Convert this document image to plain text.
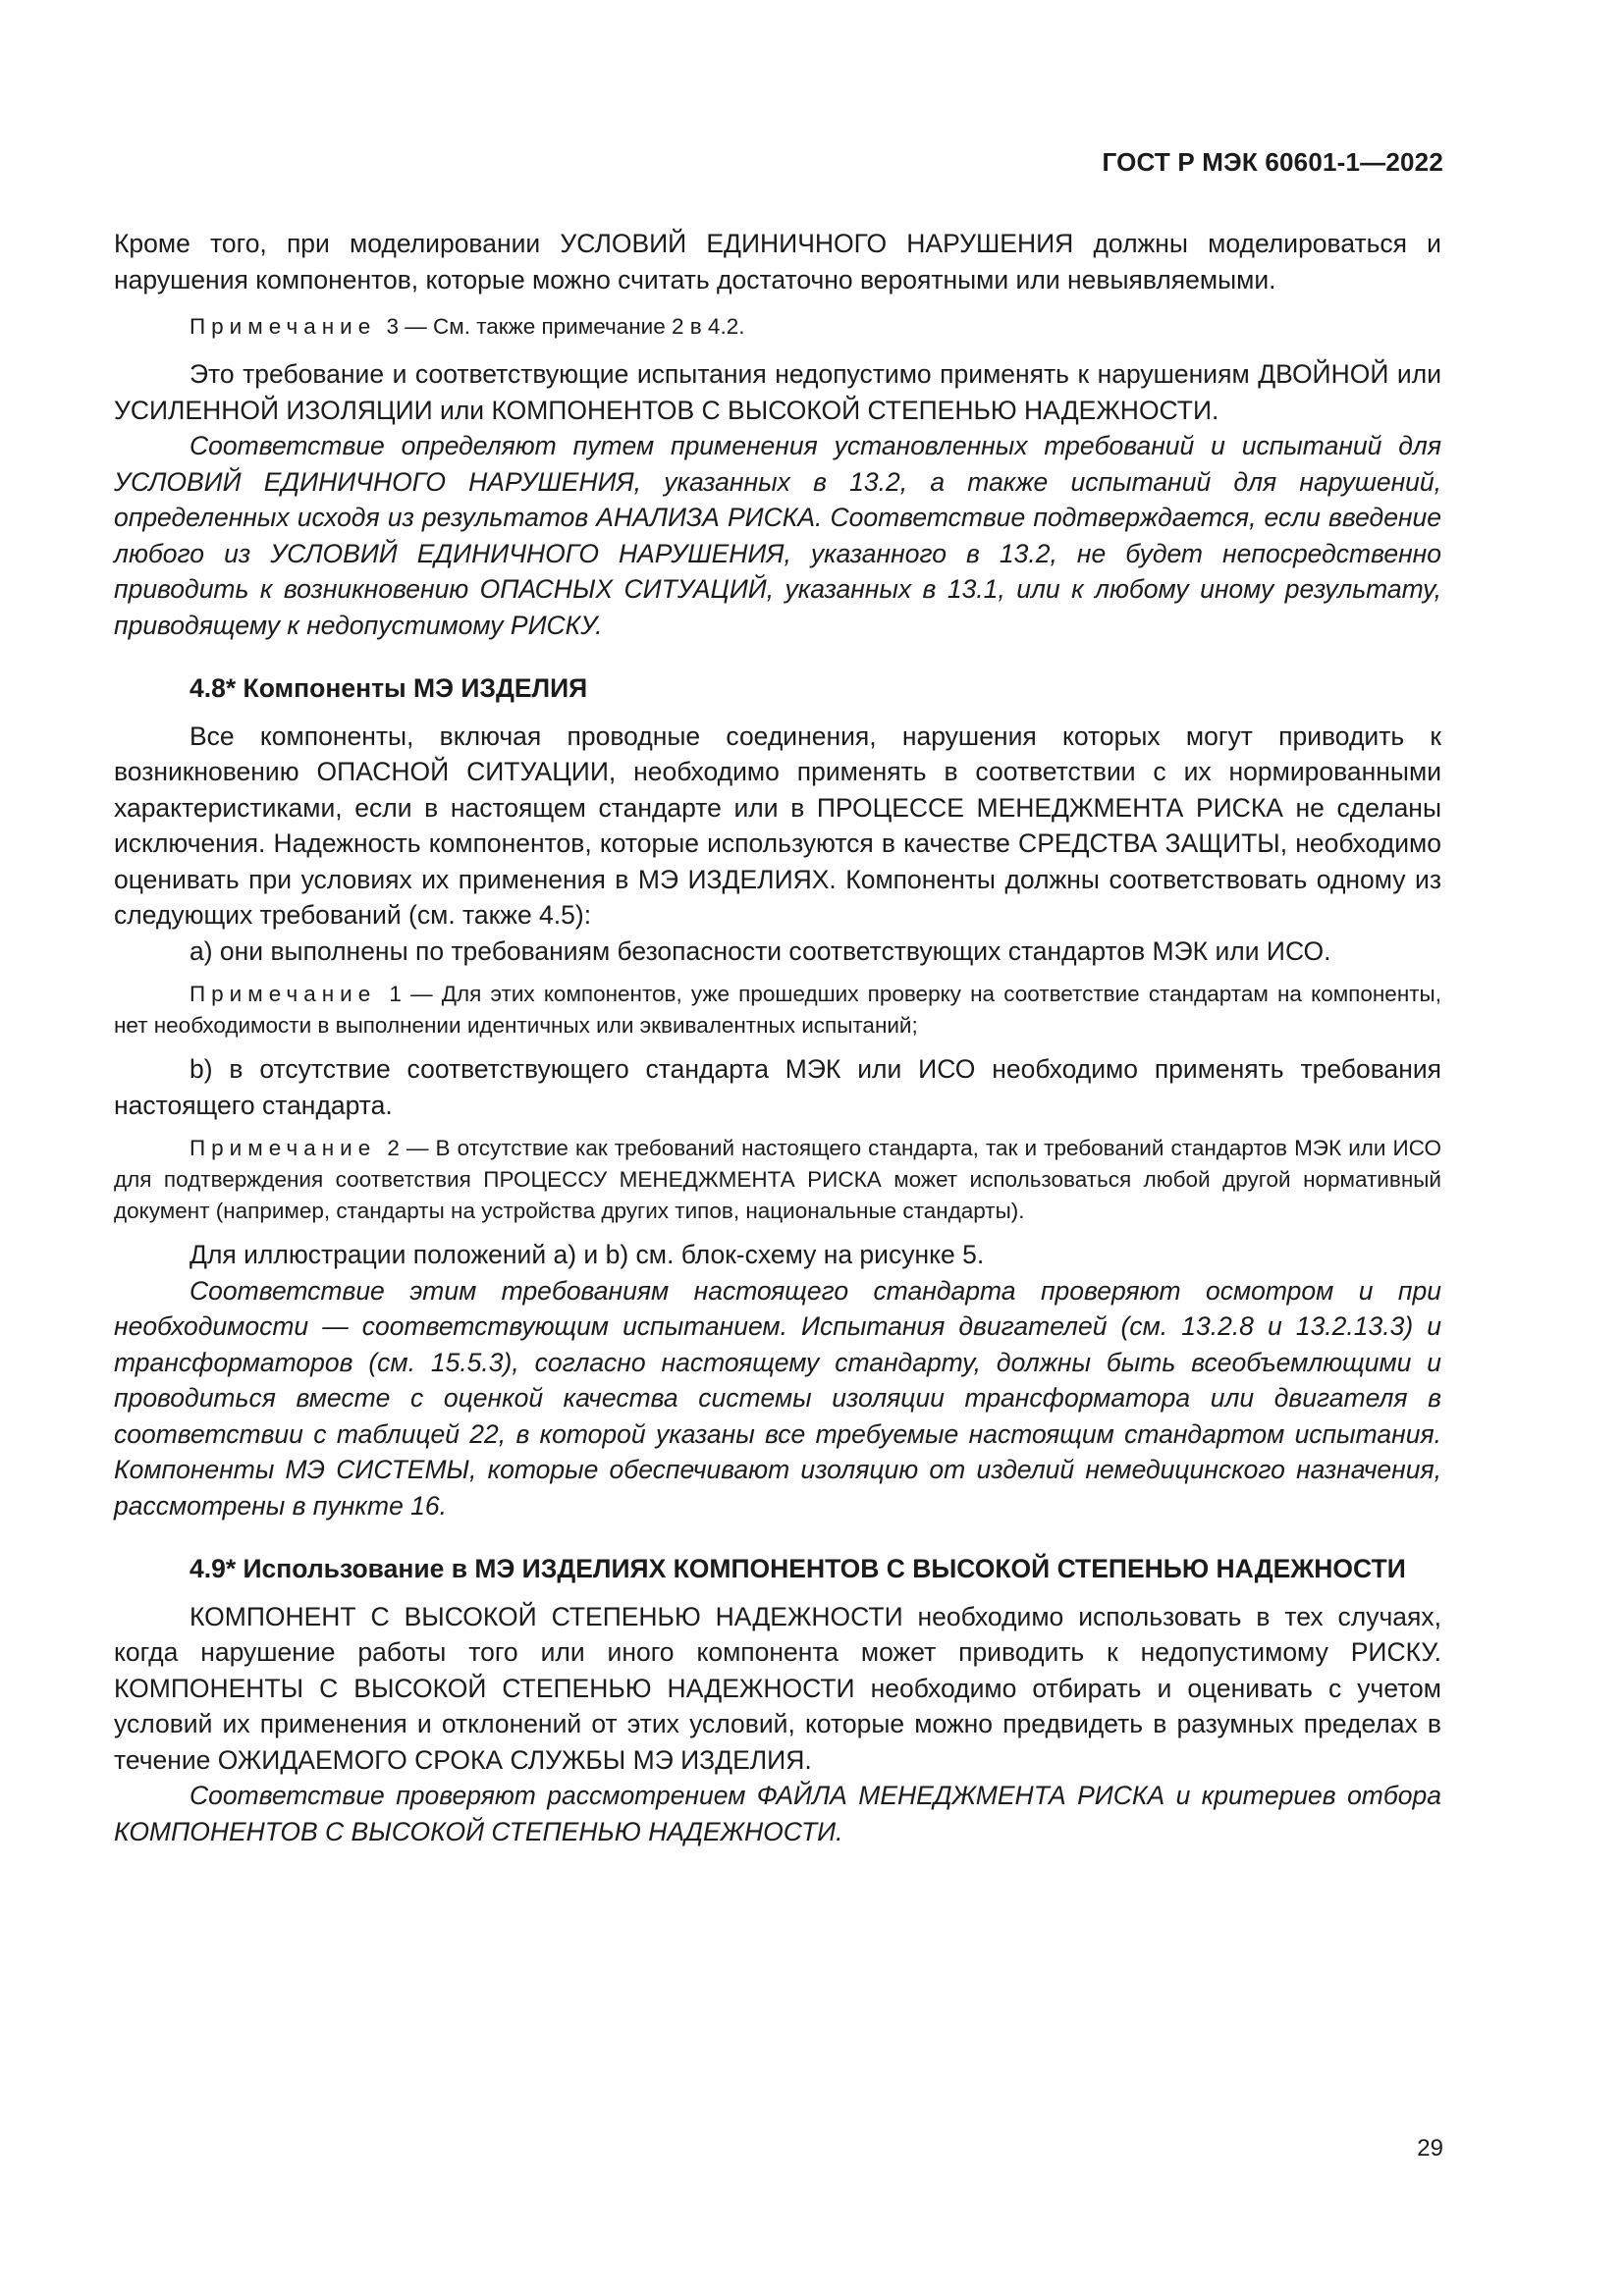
ГОСТ Р МЭК 60601-1—2022

Кроме того, при моделировании УСЛОВИЙ ЕДИНИЧНОГО НАРУШЕНИЯ должны моделироваться и нарушения компонентов, которые можно считать достаточно вероятными или невыявляемыми.

Примечание 3 — См. также примечание 2 в 4.2.

Это требование и соответствующие испытания недопустимо применять к нарушениям ДВОЙНОЙ или УСИЛЕННОЙ ИЗОЛЯЦИИ или КОМПОНЕНТОВ С ВЫСОКОЙ СТЕПЕНЬЮ НАДЕЖНОСТИ.

Соответствие определяют путем применения установленных требований и испытаний для УСЛОВИЙ ЕДИНИЧНОГО НАРУШЕНИЯ, указанных в 13.2, а также испытаний для нарушений, определенных исходя из результатов АНАЛИЗА РИСКА. Соответствие подтверждается, если введение любого из УСЛОВИЙ ЕДИНИЧНОГО НАРУШЕНИЯ, указанного в 13.2, не будет непосредственно приводить к возникновению ОПАСНЫХ СИТУАЦИЙ, указанных в 13.1, или к любому иному результату, приводящему к недопустимому РИСКУ.

4.8* Компоненты МЭ ИЗДЕЛИЯ

Все компоненты, включая проводные соединения, нарушения которых могут приводить к возникновению ОПАСНОЙ СИТУАЦИИ, необходимо применять в соответствии с их нормированными характеристиками, если в настоящем стандарте или в ПРОЦЕССЕ МЕНЕДЖМЕНТА РИСКА не сделаны исключения. Надежность компонентов, которые используются в качестве СРЕДСТВА ЗАЩИТЫ, необходимо оценивать при условиях их применения в МЭ ИЗДЕЛИЯХ. Компоненты должны соответствовать одному из следующих требований (см. также 4.5):

a) они выполнены по требованиям безопасности соответствующих стандартов МЭК или ИСО.

Примечание 1 — Для этих компонентов, уже прошедших проверку на соответствие стандартам на компоненты, нет необходимости в выполнении идентичных или эквивалентных испытаний;

b) в отсутствие соответствующего стандарта МЭК или ИСО необходимо применять требования настоящего стандарта.

Примечание 2 — В отсутствие как требований настоящего стандарта, так и требований стандартов МЭК или ИСО для подтверждения соответствия ПРОЦЕССУ МЕНЕДЖМЕНТА РИСКА может использоваться любой другой нормативный документ (например, стандарты на устройства других типов, национальные стандарты).

Для иллюстрации положений a) и b) см. блок-схему на рисунке 5.

Соответствие этим требованиям настоящего стандарта проверяют осмотром и при необходимости — соответствующим испытанием. Испытания двигателей (см. 13.2.8 и 13.2.13.3) и трансформаторов (см. 15.5.3), согласно настоящему стандарту, должны быть всеобъемлющими и проводиться вместе с оценкой качества системы изоляции трансформатора или двигателя в соответствии с таблицей 22, в которой указаны все требуемые настоящим стандартом испытания. Компоненты МЭ СИСТЕМЫ, которые обеспечивают изоляцию от изделий немедицинского назначения, рассмотрены в пункте 16.

4.9* Использование в МЭ ИЗДЕЛИЯХ КОМПОНЕНТОВ С ВЫСОКОЙ СТЕПЕНЬЮ НАДЕЖНОСТИ

КОМПОНЕНТ С ВЫСОКОЙ СТЕПЕНЬЮ НАДЕЖНОСТИ необходимо использовать в тех случаях, когда нарушение работы того или иного компонента может приводить к недопустимому РИСКУ. КОМПОНЕНТЫ С ВЫСОКОЙ СТЕПЕНЬЮ НАДЕЖНОСТИ необходимо отбирать и оценивать с учетом условий их применения и отклонений от этих условий, которые можно предвидеть в разумных пределах в течение ОЖИДАЕМОГО СРОКА СЛУЖБЫ МЭ ИЗДЕЛИЯ.

Соответствие проверяют рассмотрением ФАЙЛА МЕНЕДЖМЕНТА РИСКА и критериев отбора КОМПОНЕНТОВ С ВЫСОКОЙ СТЕПЕНЬЮ НАДЕЖНОСТИ.

29
